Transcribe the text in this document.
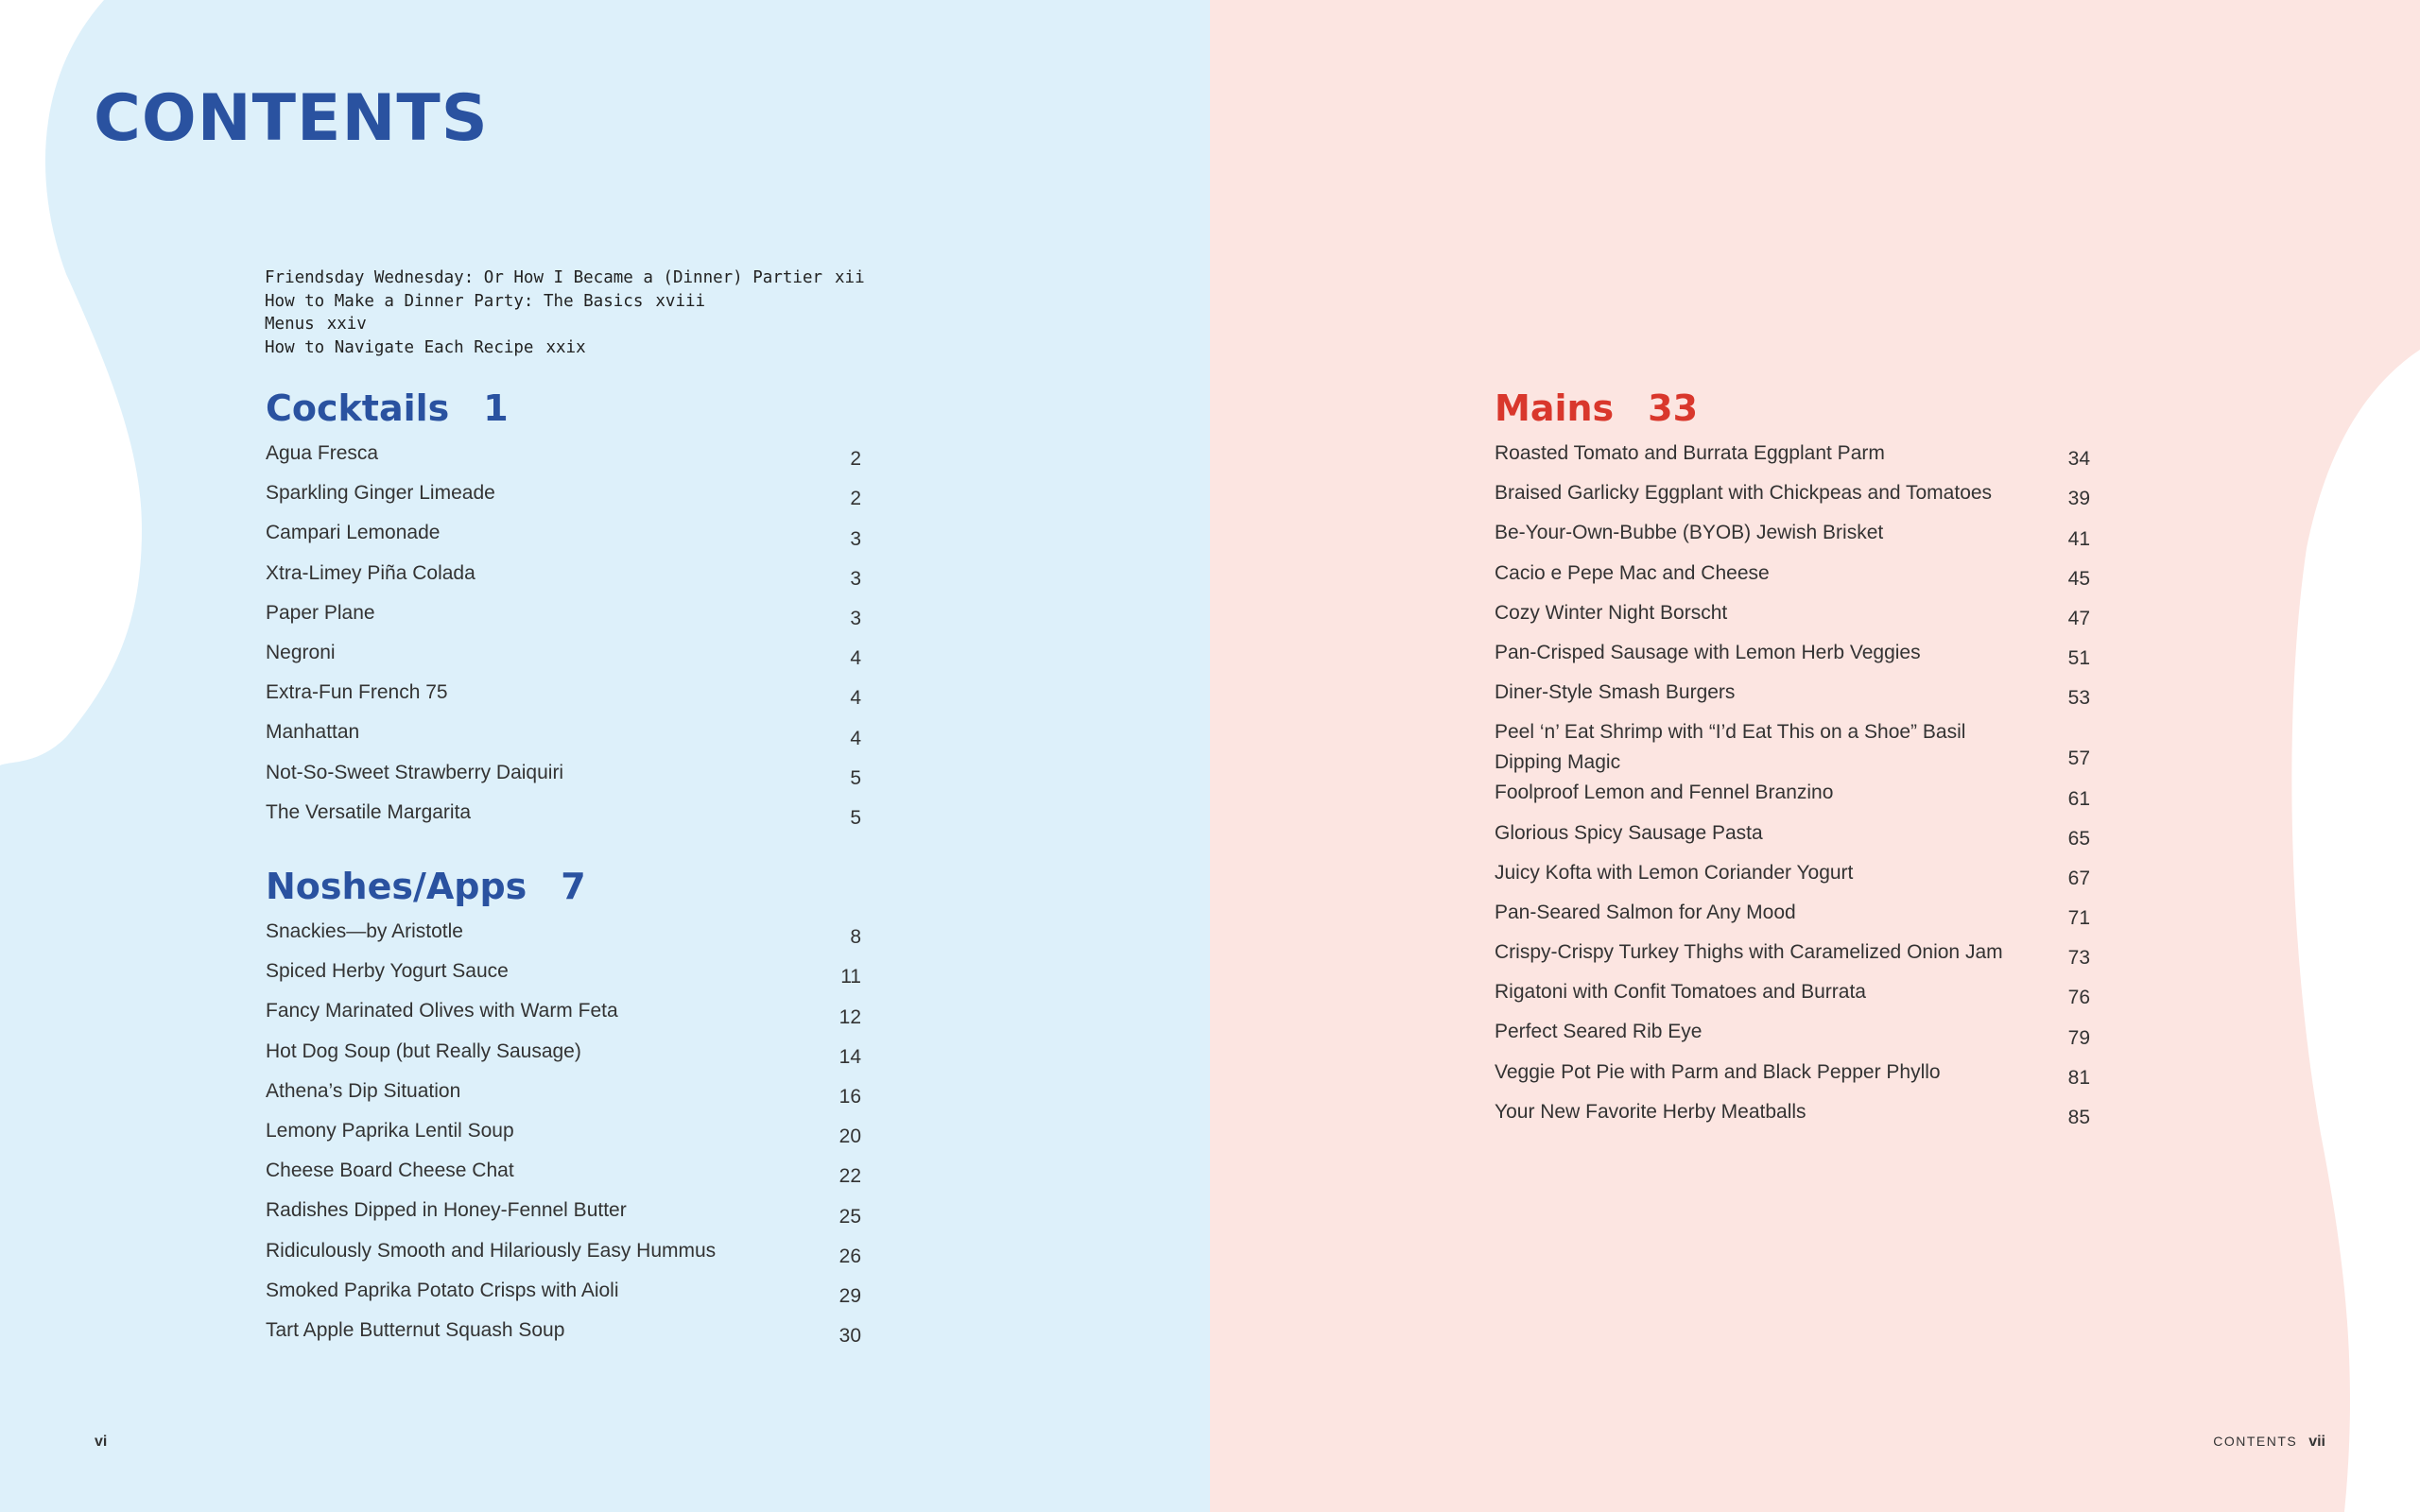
CONTENTS
Friendsday Wednesday: Or How I Became a (Dinner) Partier xii
How to Make a Dinner Party: The Basics xviii
Menus xxiv
How to Navigate Each Recipe xxix
Cocktails 1
Agua Fresca	2
Sparkling Ginger Limeade	2
Campari Lemonade	3
Xtra-Limey Piña Colada	3
Paper Plane	3
Negroni	4
Extra-Fun French 75	4
Manhattan	4
Not-So-Sweet Strawberry Daiquiri	5
The Versatile Margarita	5
Noshes/Apps 7
Snackies—by Aristotle	8
Spiced Herby Yogurt Sauce	11
Fancy Marinated Olives with Warm Feta	12
Hot Dog Soup (but Really Sausage)	14
Athena’s Dip Situation	16
Lemony Paprika Lentil Soup	20
Cheese Board Cheese Chat	22
Radishes Dipped in Honey-Fennel Butter	25
Ridiculously Smooth and Hilariously Easy Hummus	26
Smoked Paprika Potato Crisps with Aioli	29
Tart Apple Butternut Squash Soup	30
Mains 33
Roasted Tomato and Burrata Eggplant Parm	34
Braised Garlicky Eggplant with Chickpeas and Tomatoes	39
Be-Your-Own-Bubbe (BYOB) Jewish Brisket	41
Cacio e Pepe Mac and Cheese	45
Cozy Winter Night Borscht	47
Pan-Crisped Sausage with Lemon Herb Veggies	51
Diner-Style Smash Burgers	53
Peel ‘n’ Eat Shrimp with “I’d Eat This on a Shoe” Basil Dipping Magic	57
Foolproof Lemon and Fennel Branzino	61
Glorious Spicy Sausage Pasta	65
Juicy Kofta with Lemon Coriander Yogurt	67
Pan-Seared Salmon for Any Mood	71
Crispy-Crispy Turkey Thighs with Caramelized Onion Jam	73
Rigatoni with Confit Tomatoes and Burrata	76
Perfect Seared Rib Eye	79
Veggie Pot Pie with Parm and Black Pepper Phyllo	81
Your New Favorite Herby Meatballs	85
vi	CONTENTS vii
